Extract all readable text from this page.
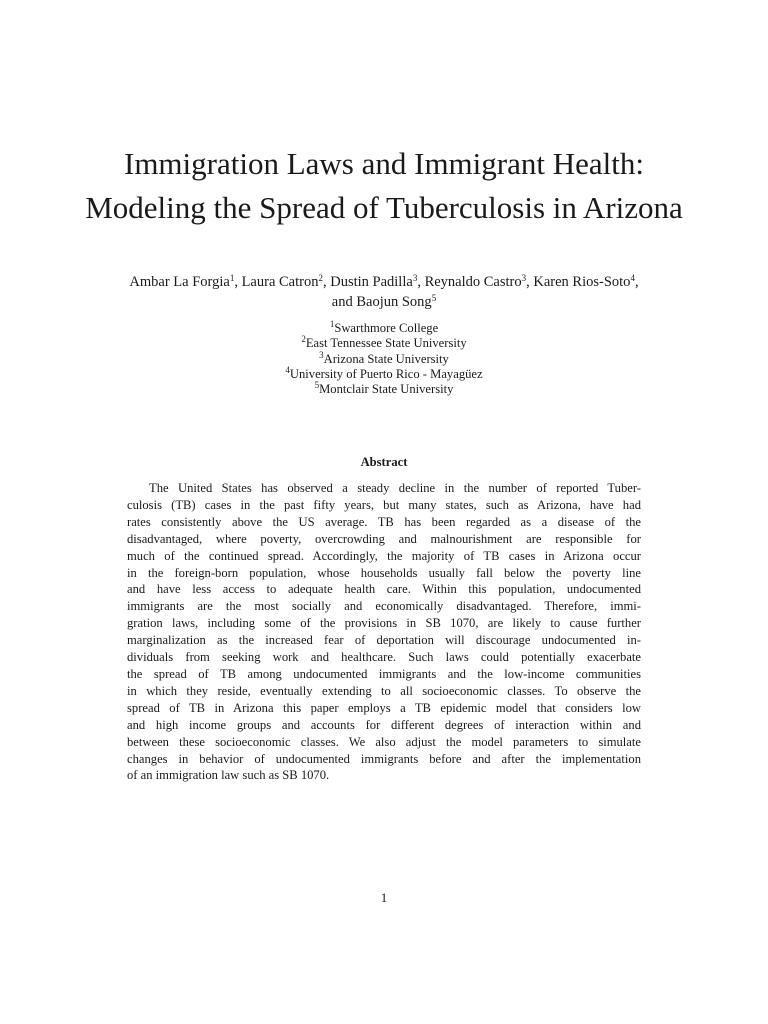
Immigration Laws and Immigrant Health: Modeling the Spread of Tuberculosis in Arizona
Ambar La Forgia$^1$, Laura Catron$^2$, Dustin Padilla$^3$, Reynaldo Castro$^3$, Karen Rios-Soto$^4$,
and Baojun Song$^5$
$^1$Swarthmore College
$^2$East Tennessee State University
$^3$Arizona State University
$^4$University of Puerto Rico - Mayagüez
$^5$Montclair State University
Abstract
The United States has observed a steady decline in the number of reported Tuber-
culosis (TB) cases in the past fifty years, but many states, such as Arizona, have had
rates consistently above the US average. TB has been regarded as a disease of the
disadvantaged, where poverty, overcrowding and malnourishment are responsible for
much of the continued spread. Accordingly, the majority of TB cases in Arizona occur
in the foreign-born population, whose households usually fall below the poverty line
and have less access to adequate health care. Within this population, undocumented
immigrants are the most socially and economically disadvantaged. Therefore, immi-
gration laws, including some of the provisions in SB 1070, are likely to cause further
marginalization as the increased fear of deportation will discourage undocumented in-
dividuals from seeking work and healthcare. Such laws could potentially exacerbate
the spread of TB among undocumented immigrants and the low-income communities
in which they reside, eventually extending to all socioeconomic classes. To observe the
spread of TB in Arizona this paper employs a TB epidemic model that considers low
and high income groups and accounts for different degrees of interaction within and
between these socioeconomic classes. We also adjust the model parameters to simulate
changes in behavior of undocumented immigrants before and after the implementation
of an immigration law such as SB 1070.
1
